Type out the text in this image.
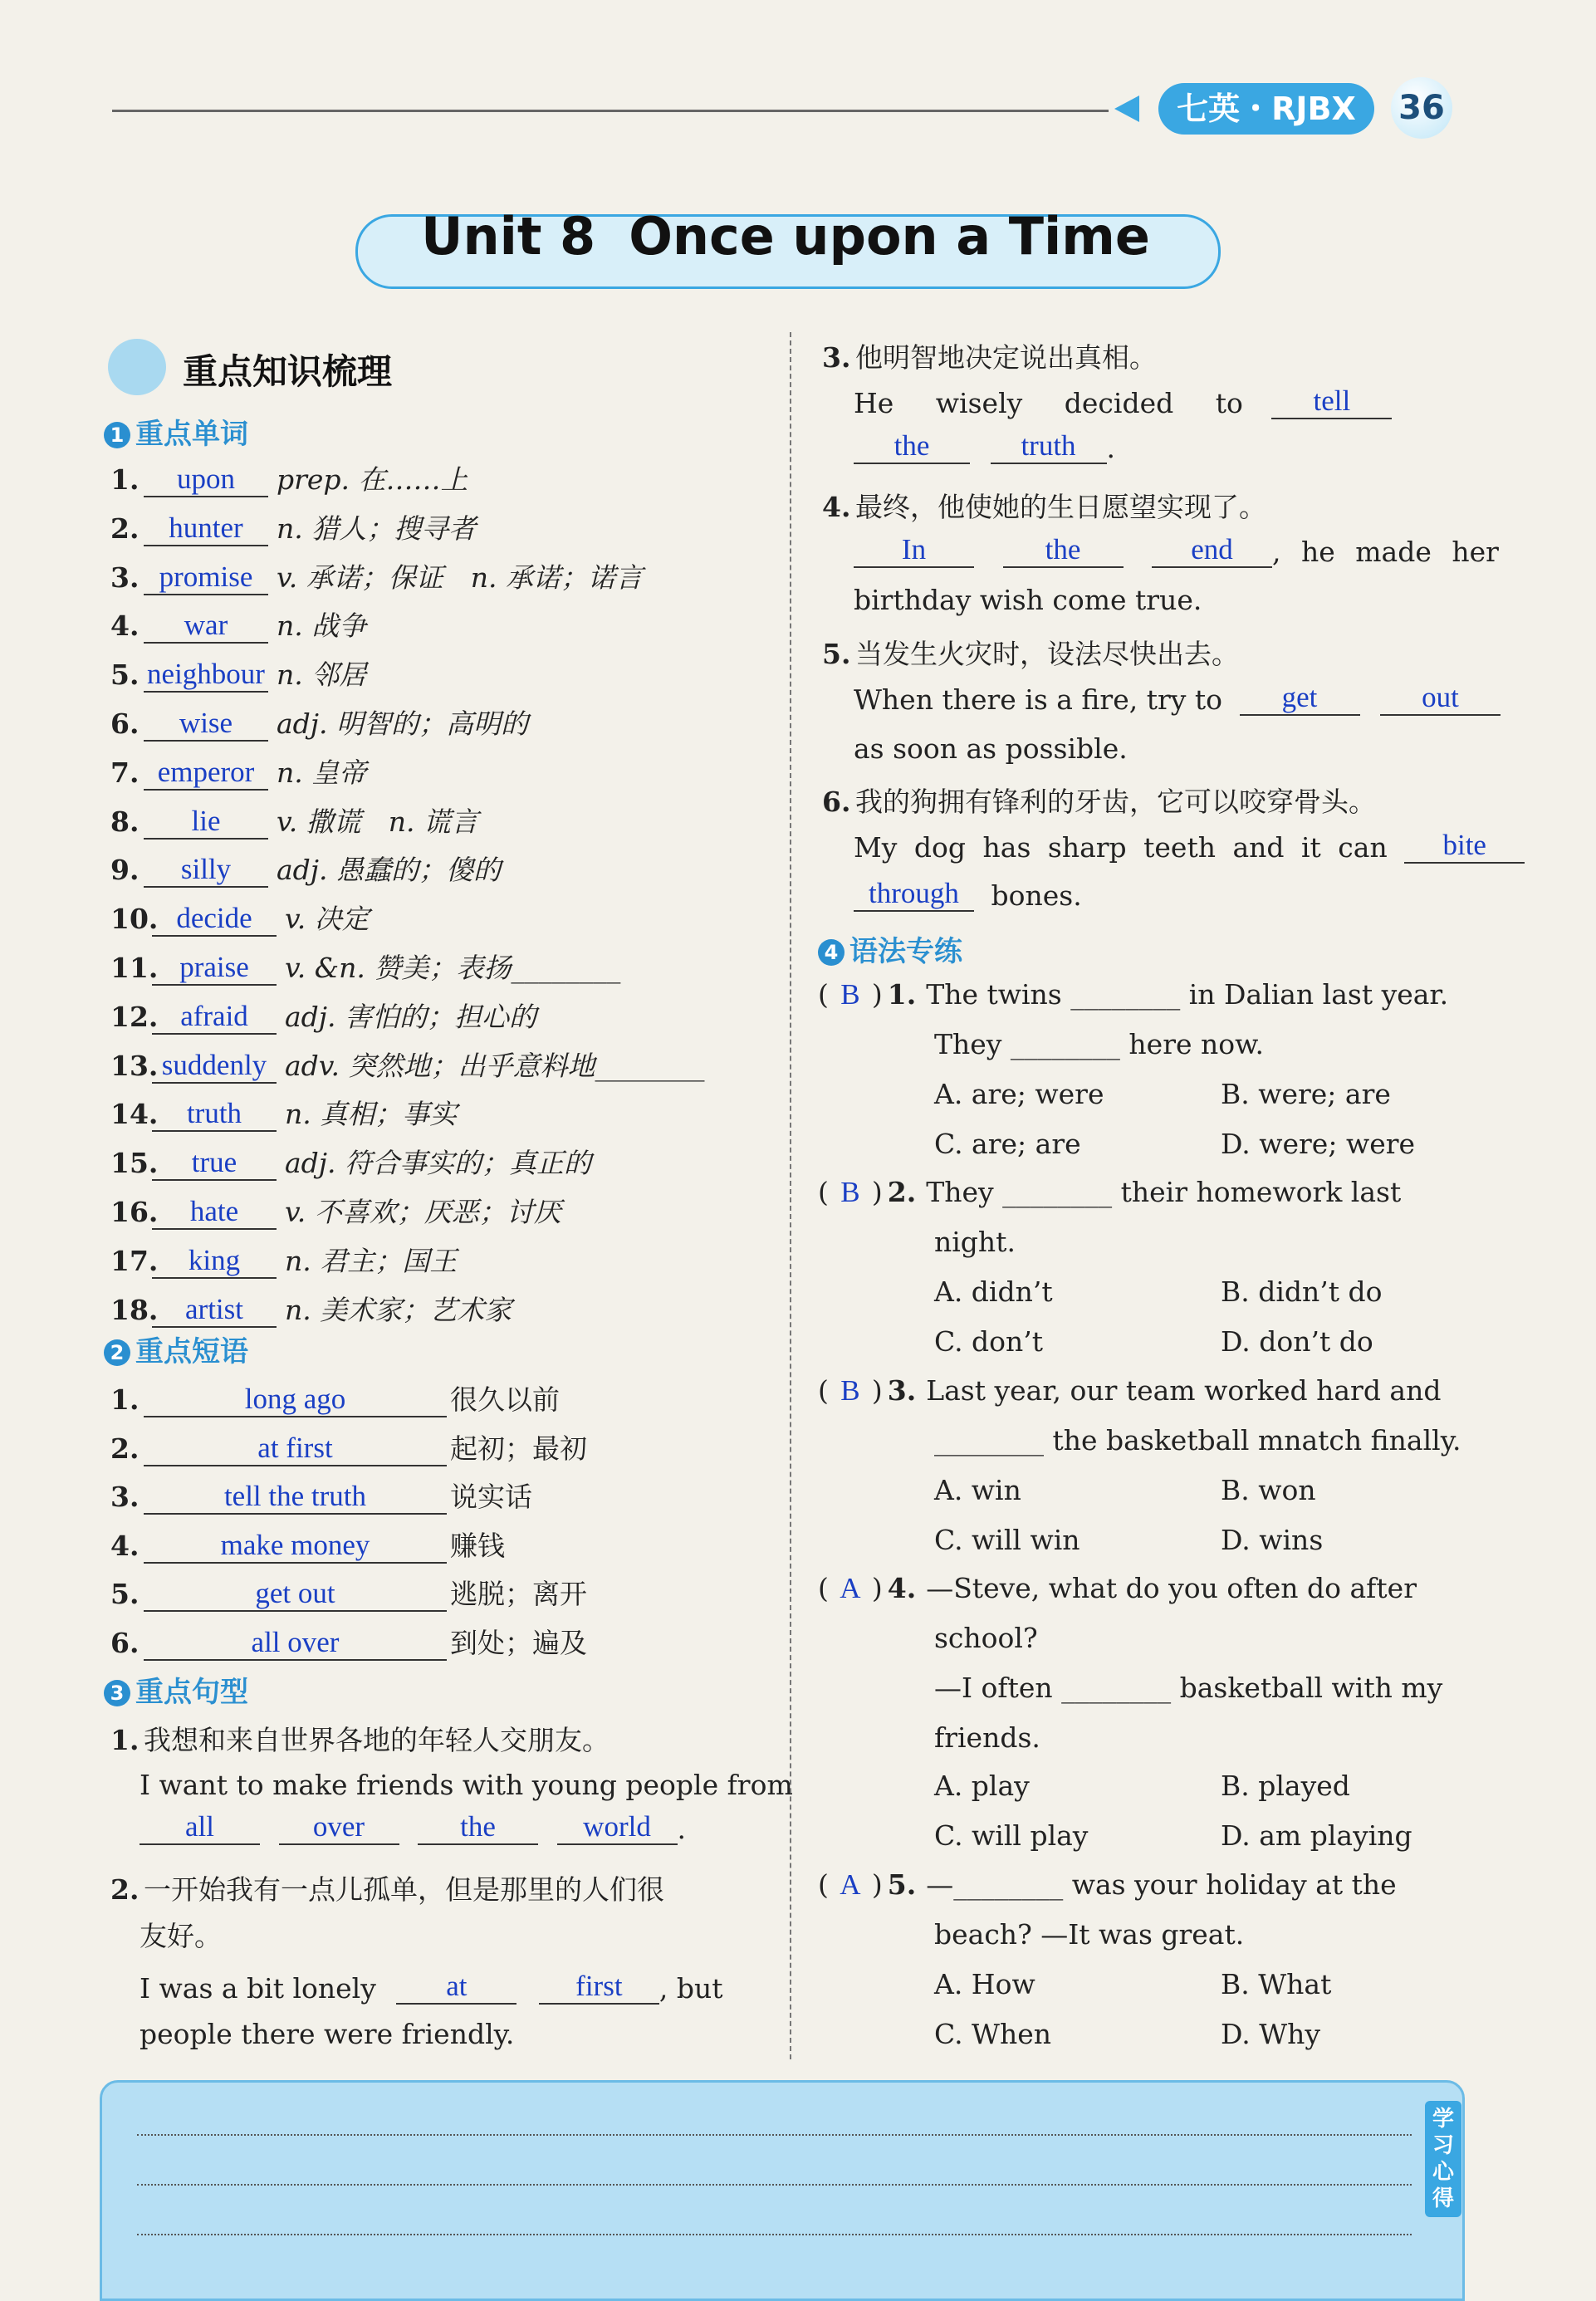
七英・RJBX	36
Unit 8 Once upon a Time
重点知识梳理
1 重点单词
1. upon prep. 在……上
2. hunter n. 猎人；搜寻者
3. promise v. 承诺；保证　n. 承诺；诺言
4. war n. 战争
5. neighbour n. 邻居
6. wise adj. 明智的；高明的
7. emperor n. 皇帝
8. lie v. 撒谎　n. 谎言
9. silly adj. 愚蠢的；傻的
10. decide v. 决定
11. praise v. &n. 赞美；表扬________
12. afraid adj. 害怕的；担心的
13. suddenly adv. 突然地；出乎意料地________
14. truth n. 真相；事实
15. true adj. 符合事实的；真正的
16. hate v. 不喜欢；厌恶；讨厌
17. king n. 君主；国王
18. artist n. 美术家；艺术家
2 重点短语
1.	long ago	很久以前
2.	at first	起初；最初
3.	tell the truth	说实话
4.	make money	赚钱
5.	get out	逃脱；离开
6.	all over	到处；遍及
3 重点句型
1. 我想和来自世界各地的年轻人交朋友。
I want to make friends with young people from
all	over	the	world .
2. 一开始我有一点儿孤单，但是那里的人们很
友好。
I was a bit lonely at	first , but
people there were friendly.
3. 他明智地决定说出真相。
He wisely decided to tell
the	truth .
4. 最终，他使她的生日愿望实现了。
In	the	end , he made her
birthday wish come true.
5. 当发生火灾时，设法尽快出去。
When there is a fire, try to get	out
as soon as possible.
6. 我的狗拥有锋利的牙齿，它可以咬穿骨头。
My dog has sharp teeth and it can bite
through bones.
4 语法专练
( B ) 1. The twins ________ in Dalian last year.
They ________ here now.
A. are; were	B. were; are
C. are; are	D. were; were
( B ) 2. They ________ their homework last
night.
A. didn’t	B. didn’t do
C. don’t	D. don’t do
( B ) 3. Last year, our team worked hard and
________ the basketball mnatch finally.
A. win	B. won
C. will win	D. wins
( A ) 4. —Steve, what do you often do after
school?
—I often ________ basketball with my
friends.
A. play	B. played
C. will play	D. am playing
( A ) 5. —________ was your holiday at the
beach? —It was great.
A. How	B. What
C. When	D. Why
学习心得
